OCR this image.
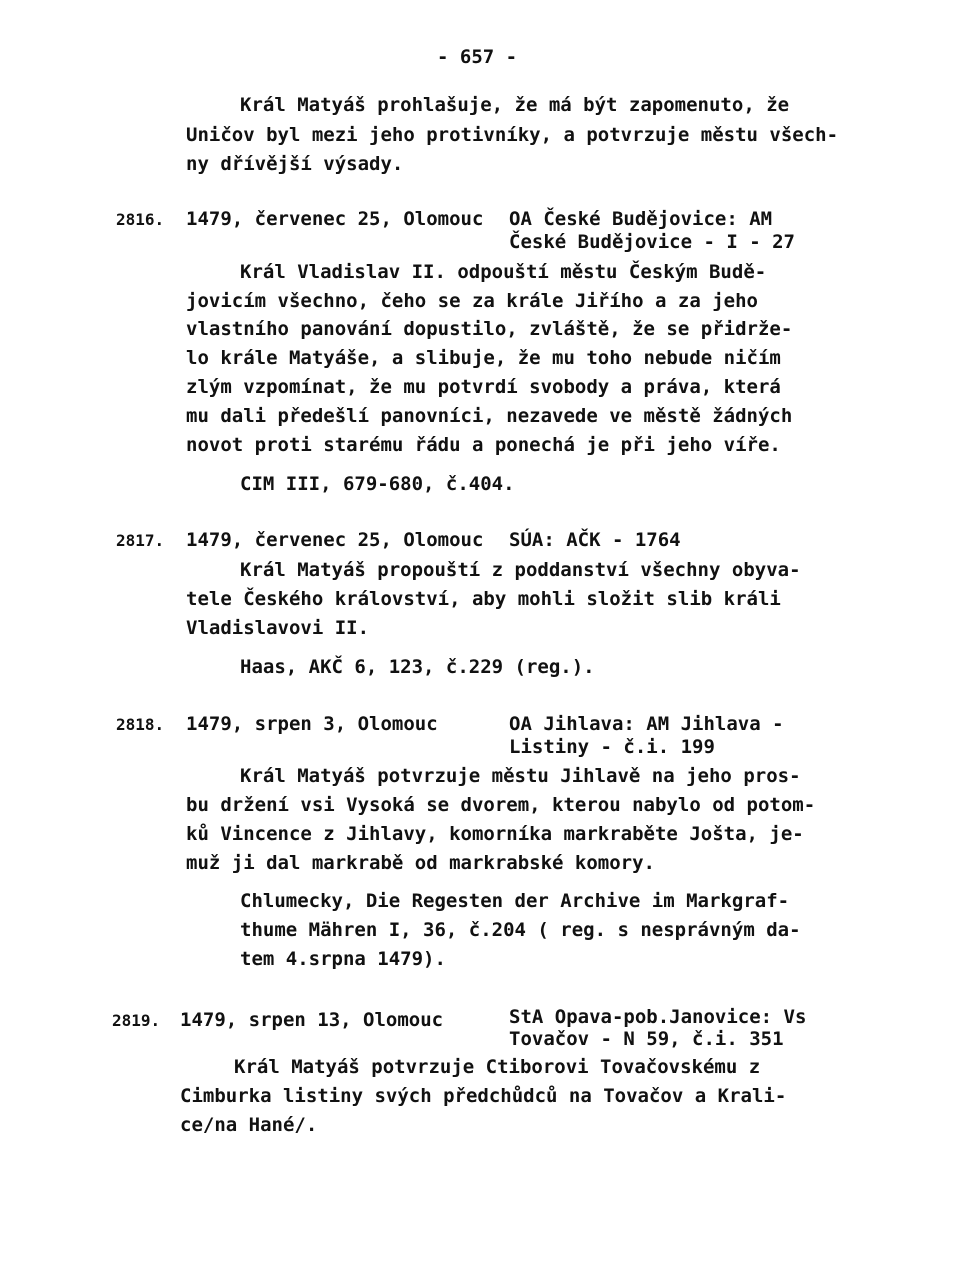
- 657 -
Král Matyáš prohlašuje, že má být zapomenuto, že
Uničov byl mezi jeho protivníky, a potvrzuje městu všech-
ny dřívější výsady.
2816. 1479, červenec 25, Olomouc OA České Budějovice: AM
České Budějovice - I - 27
Král Vladislav II. odpouští městu Českým Budě-
jovicím všechno, čeho se za krále Jiřího a za jeho
vlastního panování dopustilo, zvláště, že se přidrže-
lo krále Matyáše, a slibuje, že mu toho nebude ničím
zlým vzpomínat, že mu potvrdí svobody a práva, která
mu dali předešlí panovníci, nezavede ve městě žádných
novot proti starému řádu a ponechá je při jeho víře.
CIM III, 679-680, č.404.
2817. 1479, červenec 25, Olomouc SÚA: AČK - 1764
Král Matyáš propouští z poddanství všechny obyva-
tele Českého království, aby mohli složit slib králi
Vladislavovi II.
Haas, AKČ 6, 123, č.229 (reg.).
2818. 1479, srpen 3, Olomouc	OA Jihlava: AM Jihlava -
Listiny - č.i. 199
Král Matyáš potvrzuje městu Jihlavě na jeho pros-
bu držení vsi Vysoká se dvorem, kterou nabylo od potom-
ků Vincence z Jihlavy, komorníka markraběte Jošta, je-
muž ji dal markrabě od markrabské komory.
Chlumecky, Die Regesten der Archive im Markgraf-
thume Mähren I, 36, č.204 ( reg. s nesprávným da-
tem 4.srpna 1479).
2819. 1479, srpen 13, Olomouc	StA Opava-pob.Janovice: Vs
Tovačov - N 59, č.i. 351
Král Matyáš potvrzuje Ctiborovi Tovačovskému z
Cimburka listiny svých předchůdců na Tovačov a Krali-
ce/na Hané/.
